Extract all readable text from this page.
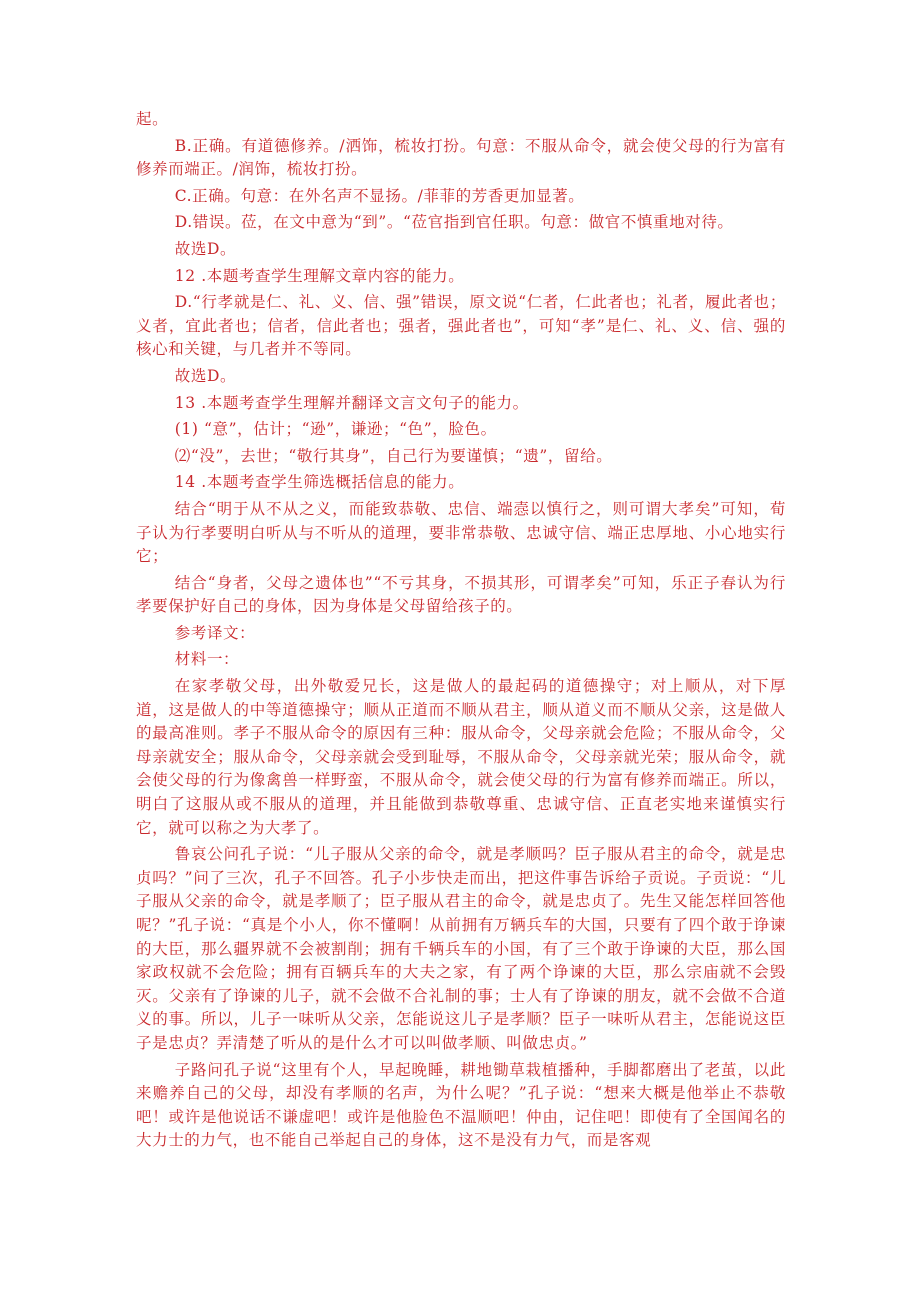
起。

B.正确。有道德修养。/洒饰，梳妆打扮。句意：不服从命令，就会使父母的行为富有修养而端正。/润饰，梳妆打扮。

C.正确。句意：在外名声不显扬。/菲菲的芳香更加显著。

D.错误。莅，在文中意为“到”。“莅官指到官任职。句意：做官不慎重地对待。

故选D。

12 .本题考查学生理解文章内容的能力。

D.“行孝就是仁、礼、义、信、强”错误，原文说“仁者，仁此者也；礼者，履此者也；义者，宜此者也；信者，信此者也；强者，强此者也”，可知“孝”是仁、礼、义、信、强的核心和关键，与几者并不等同。

故选D。

13 .本题考查学生理解并翻译文言文句子的能力。

(1) “意”，估计；“逊”，谦逊；“色”，脸色。

⑵“没”，去世；“敬行其身”，自己行为要谨慎；“遗”，留给。

14 .本题考查学生筛选概括信息的能力。

结合“明于从不从之义，而能致恭敬、忠信、端悫以慎行之，则可谓大孝矣”可知，荀子认为行孝要明白听从与不听从的道理，要非常恭敬、忠诚守信、端正忠厚地、小心地实行它；

结合“身者，父母之遗体也”“不亏其身，不损其形，可谓孝矣”可知，乐正子春认为行孝要保护好自己的身体，因为身体是父母留给孩子的。

参考译文：

材料一：

在家孝敬父母，出外敬爱兄长，这是做人的最起码的道德操守；对上顺从，对下厚道，这是做人的中等道德操守；顺从正道而不顺从君主，顺从道义而不顺从父亲，这是做人的最高准则。孝子不服从命令的原因有三种：服从命令，父母亲就会危险；不服从命令，父母亲就安全；服从命令，父母亲就会受到耻辱，不服从命令，父母亲就光荣；服从命令，就会使父母的行为像禽兽一样野蛮，不服从命令，就会使父母的行为富有修养而端正。所以，明白了这服从或不服从的道理，并且能做到恭敬尊重、忠诚守信、正直老实地来谨慎实行它，就可以称之为大孝了。

鲁哀公问孔子说：“儿子服从父亲的命令，就是孝顺吗？臣子服从君主的命令，就是忠贞吗？”问了三次，孔子不回答。孔子小步快走而出，把这件事告诉给子贡说。子贡说：“儿子服从父亲的命令，就是孝顺了；臣子服从君主的命令，就是忠贞了。先生又能怎样回答他呢？”孔子说：“真是个小人，你不懂啊！从前拥有万辆兵车的大国，只要有了四个敢于诤谏的大臣，那么疆界就不会被割削；拥有千辆兵车的小国，有了三个敢于诤谏的大臣，那么国家政权就不会危险；拥有百辆兵车的大夫之家，有了两个诤谏的大臣，那么宗庙就不会毁灭。父亲有了诤谏的儿子，就不会做不合礼制的事；士人有了诤谏的朋友，就不会做不合道义的事。所以，儿子一味听从父亲，怎能说这儿子是孝顺？臣子一味听从君主，怎能说这臣子是忠贞？弄清楚了听从的是什么才可以叫做孝顺、叫做忠贞。”

子路问孔子说“这里有个人，早起晚睡，耕地锄草栽植播种，手脚都磨出了老茧，以此来赡养自己的父母，却没有孝顺的名声，为什么呢？”孔子说：“想来大概是他举止不恭敬吧！或许是他说话不谦虚吧！或许是他脸色不温顺吧！仲由，记住吧！即使有了全国闻名的大力士的力气，也不能自己举起自己的身体，这不是没有力气，而是客观
